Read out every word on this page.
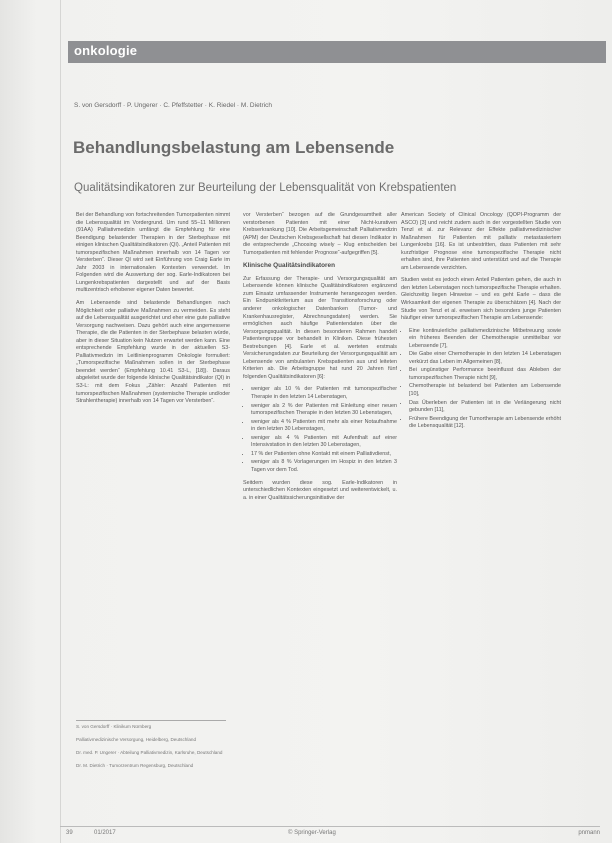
onkologie
S. von Gersdorff · P. Ungerer · C. Pfeffstetter · K. Riedel · M. Dietrich
Behandlungsbelastung am Lebensende
Qualitätsindikatoren zur Beurteilung der Lebensqualität von Krebspatienten

Bei der Behandlung von fortschreitenden Tumorpatienten nimmt die Lebensqualität im Vordergrund. Um rund 55–11 Millionen (91AA) Palliativmedizin umfängt die Empfehlung für eine Beendigung belastender Therapien in der Sterbephase mit einigen klinischen Qualitätsindikatoren (QI). „Anteil Patienten mit tumorspezifischen Maßnahmen innerhalb von 14 Tagen vor Versterben“. Dieser QI wird seit Einführung von Craig Earle im Jahr 2003 in internationalen Kontexten verwendet. Im Folgenden wird die Auswertung der sog. Earle-Indikatoren bei Lungenkrebspatienten dargestellt und auf der Basis multizentrisch erhobener eigener Daten bewertet.

Am Lebensende sind belastende Behandlungen nach Möglichkeit oder palliative Maßnahmen zu vermeiden. Es steht auf die Lebensqualität ausgerichtet und eher eine gute palliative Versorgung nachweisen. Dazu gehört auch eine angemessene Therapie, die die Patienten in der Sterbephase belasten würde, aber in dieser Situation kein Nutzen erwartet werden kann. Eine entsprechende Empfehlung wurde in der aktuellen S3-Palliativmedizin im Leitlinienprogramm Onkologie formuliert: „Tumorspezifische Maßnahmen sollen in der Sterbephase beendet werden“ (Empfehlung 10.41 S3-L, [18]). Daraus abgeleitet wurde der folgende klinische Qualitätsindikator (QI) in S3-L: mit dem Fokus „Zähler: Anzahl Patienten mit tumorspezifischen Maßnahmen (systemische Therapie und/oder Strahlentherapie) innerhalb von 14 Tagen vor Versterben“.

vor Versterben“ bezogen auf die Grundgesamtheit aller verstorbenen Patienten mit einer Nicht-kurativen Krebserkrankung [10]. Die Arbeitsgemeinschaft Palliativmedizin (APM) der Deutschen Krebsgesellschaft hat diesen Indikator in die entsprechende „Choosing wisely – Klug entscheiden bei Tumorpatienten mit fehlender Prognose“-aufgegriffen [5].

Klinische Qualitätsindikatoren

Zur Erfassung der Therapie- und Versorgungsqualität am Lebensende können klinische Qualitätsindikatoren ergänzend zum Einsatz umfassender Instrumente herangezogen werden. Ein Endpunktkriterium aus der Transitionsforschung oder anderer onkologischer Datenbanken (Tumor- und Krankenhausregister, Abrechnungsdaten) werden. Sie ermöglichen auch häufige Patientendaten über die Versorgungsqualität. In diesen besonderen Rahmen handelt Patientengruppe vor behandelt in Kliniken. Diese frühesten Bestrebungen [4]. Earle et al. werteten erstmals Versicherungsdaten zur Beurteilung der Versorgungsqualität am Lebensende von ambulanten Krebspatienten aus und leiteten Kriterien ab. Die Arbeitsgruppe hat rund 20 Jahren fünf folgenden Qualitätsindikatoren [6]:

• weniger als 10 % der Patienten mit tumorspezifischer Therapie in den letzten 14 Lebenstagen,
• weniger als 2 % der Patienten mit Einleitung einer neuen tumorspezifischen Therapie in den letzten 30 Lebenstagen,
• weniger als 4 % Patienten mit mehr als einer Notaufnahme in den letzten 30 Lebenstagen,
• weniger als 4 % Patienten mit Aufenthalt auf einer Intensivstation in den letzten 30 Lebenstagen,
• 17 % der Patienten ohne Kontakt mit einem Palliativdienst,
• weniger als 8 % Vorlagerungen im Hospiz in den letzten 3 Tagen vor dem Tod.

Seitdem wurden diese sog. Earle-Indikatoren in unterschiedlichen Kontexten eingesetzt und weiterentwickelt, u. a. in einer Qualitätssicherungsinitiative der

American Society of Clinical Oncology (QOPI-Programm der ASCO) [3] und reicht zudem auch in der vorgestellten Studie von Tenzl et al. zur Relevanz der Effekte palliativmedizinischer Maßnahmen für Patienten mit palliativ metastasiertem Lungenkrebs [16]. Es ist unbestritten, dass Patienten mit sehr kurzfristiger Prognose eine tumorspezifische Therapie nicht erhalten sind, ihre Patienten sind unterstützt und auf die Therapie am Lebensende verzichten.

Studien weist es jedoch einen Anteil Patienten gehen, die auch in den letzten Lebenstagen noch tumorspezifische Therapie erhalten. Gleichzeitig liegen Hinweise – und es geht Earle – dass die Wirksamkeit der eigenen Therapie zu überschätzen [4]. Nach der Studie von Tenzl et al. erweisen sich besonders junge Patienten häufiger einer tumorspezifischen Therapie am Lebensende:

• Eine kontinuierliche palliativmedizinische Mitbetreuung sowie ein früheres Beenden der Chemotherapie unmittelbar vor Lebensende [7],
• Die Gabe einer Chemotherapie in den letzten 14 Lebenstagen verkürzt das Leben im Allgemeinen [8],
• Bei ungünstiger Performance beeinflusst das Ableben der tumorspezifischen Therapie nicht [9],
• Chemotherapie ist belastend bei Patienten am Lebensende [10],
• Das Überleben der Patienten ist in die Verlängerung nicht gebunden [11],
• Frühere Beendigung der Tumortherapie am Lebensende erhöht die Lebensqualität [12].
S. von Gersdorff · Klinikum Nürnberg
Palliativmedizinische Versorgung, Heidelberg, Deutschland
Dr. med. P. Ungerer · Abteilung Palliativmedizin, Karlsruhe, Deutschland
Dr. M. Dietrich · Tumorzentrum Regensburg, Deutschland
39	01/2017	© Springer-Verlag	pnmann
